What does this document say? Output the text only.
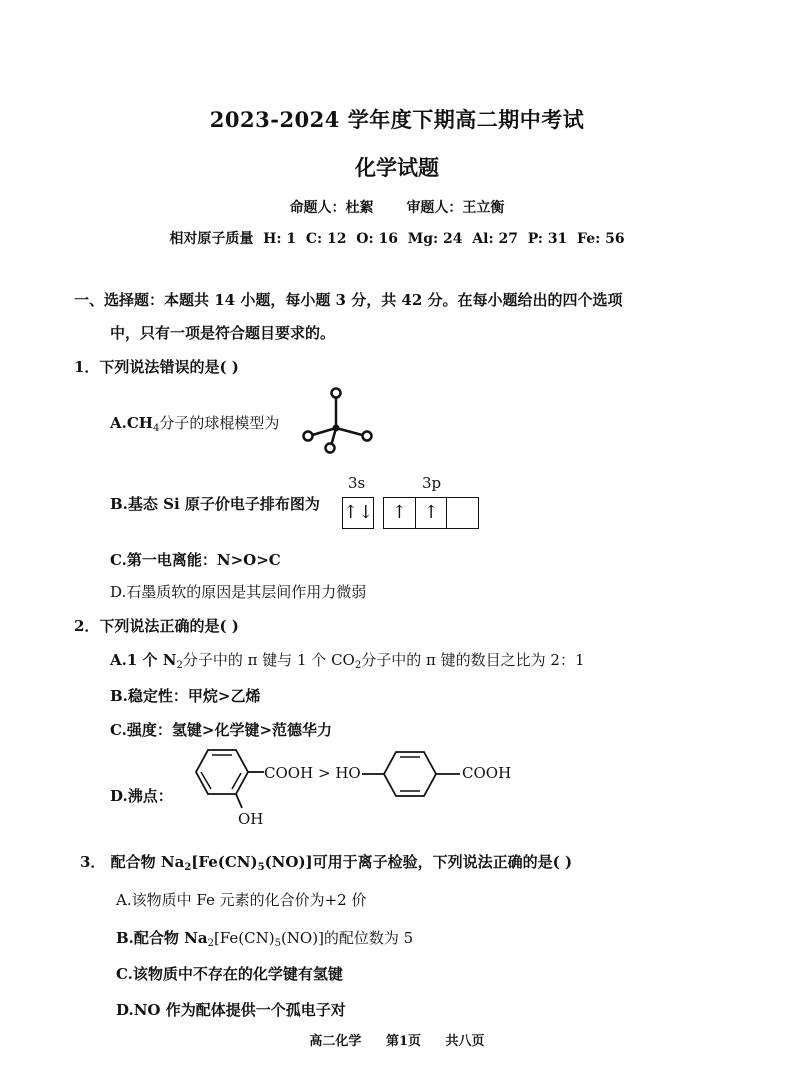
2023-2024 学年度下期高二期中考试
化学试题
命题人：杜絮 审题人：王立衡
相对原子质量  H: 1  C: 12  O: 16  Mg: 24  Al: 27  P: 31  Fe: 56
一、选择题：本题共 14 小题，每小题 3 分，共 42 分。在每小题给出的四个选项
中，只有一项是符合题目要求的。
1．下列说法错误的是( )
$A.CH_4$分子的球棍模型为
B.基态 Si 原子价电子排布图为
3s	3p
↑↓	↑ ↑
C.第一电离能：N>O>C
D.石墨质软的原因是其层间作用力微弱
2．下列说法正确的是( )
A.1 个 $N_2$分子中的 π 键与 1 个 $CO_2$分子中的 π 键的数目之比为 2：1
B.稳定性：甲烷>乙烯
C.强度：氢键>化学键>范德华力
D.沸点：
COOH > HO
OH
COOH
3． 配合物 $Na_2[Fe(CN)_5(NO)]$可用于离子检验，下列说法正确的是( )
A.该物质中 Fe 元素的化合价为+2 价
B.配合物 $Na_2[Fe(CN)_5(NO)]$的配位数为 5
C.该物质中不存在的化学键有氢键
D.NO 作为配体提供一个孤电子对
高二化学 第1页 共八页
